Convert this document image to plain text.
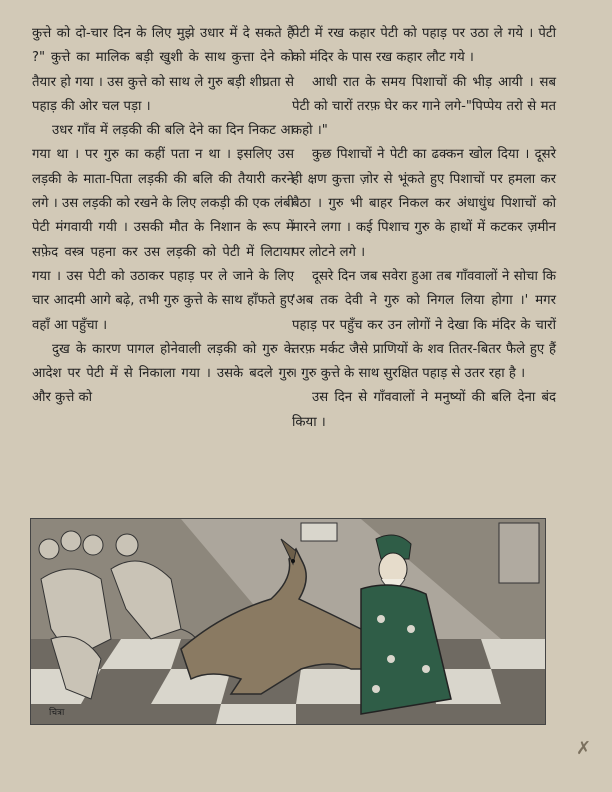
कुत्ते को दो-चार दिन के लिए मुझे उधार में दे सकते हैं ?" कुत्ते का मालिक बड़ी खुशी के साथ कुत्ता देने को तैयार हो गया । उस कुत्ते को साथ ले गुरु बड़ी शीघ्रता से पहाड़ की ओर चल पड़ा ।

उधर गाँव में लड़की की बलि देने का दिन निकट आ गया था । पर गुरु का कहीं पता न था । इसलिए उस लड़की के माता-पिता लड़की की बलि की तैयारी करने लगे । उस लड़की को रखने के लिए लकड़ी की एक लंबी पेटी मंगवायी गयी । उसकी मौत के निशान के रूप में सफ़ेद वस्त्र पहना कर उस लड़की को पेटी में लिटाया गया । उस पेटी को उठाकर पहाड़ पर ले जाने के लिए चार आदमी आगे बढ़े, तभी गुरु कुत्ते के साथ हाँफते हुए वहाँ आ पहुँचा ।

दुख के कारण पागल होनेवाली लड़की को गुरु के आदेश पर पेटी में से निकाला गया । उसके बदले गुरु और कुत्ते को

पेटी में रख कहार पेटी को पहाड़ पर उठा ले गये । पेटी को मंदिर के पास रख कहार लौट गये ।

आधी रात के समय पिशाचों की भीड़ आयी । सब पेटी को चारों तरफ़ घेर कर गाने लगे-"पिप्पेय तरो से मत कहो ।"

कुछ पिशाचों ने पेटी का ढक्कन खोल दिया । दूसरे ही क्षण कुत्ता ज़ोर से भूंकते हुए पिशाचों पर हमला कर बैठा । गुरु भी बाहर निकल कर अंधाधुंध पिशाचों को मारने लगा । कई पिशाच गुरु के हाथों में कटकर ज़मीन पर लोटने लगे ।

दूसरे दिन जब सवेरा हुआ तब गाँववालों ने सोचा कि 'अब तक देवी ने गुरु को निगल लिया होगा ।' मगर पहाड़ पर पहुँच कर उन लोगों ने देखा कि मंदिर के चारों तरफ़ मर्कट जैसे प्राणियों के शव तितर-बितर फैले हुए हैं । गुरु कुत्ते के साथ सुरक्षित पहाड़ से उतर रहा है ।

उस दिन से गाँववालों ने मनुष्यों की बलि देना बंद किया ।

चित्रा
✗
